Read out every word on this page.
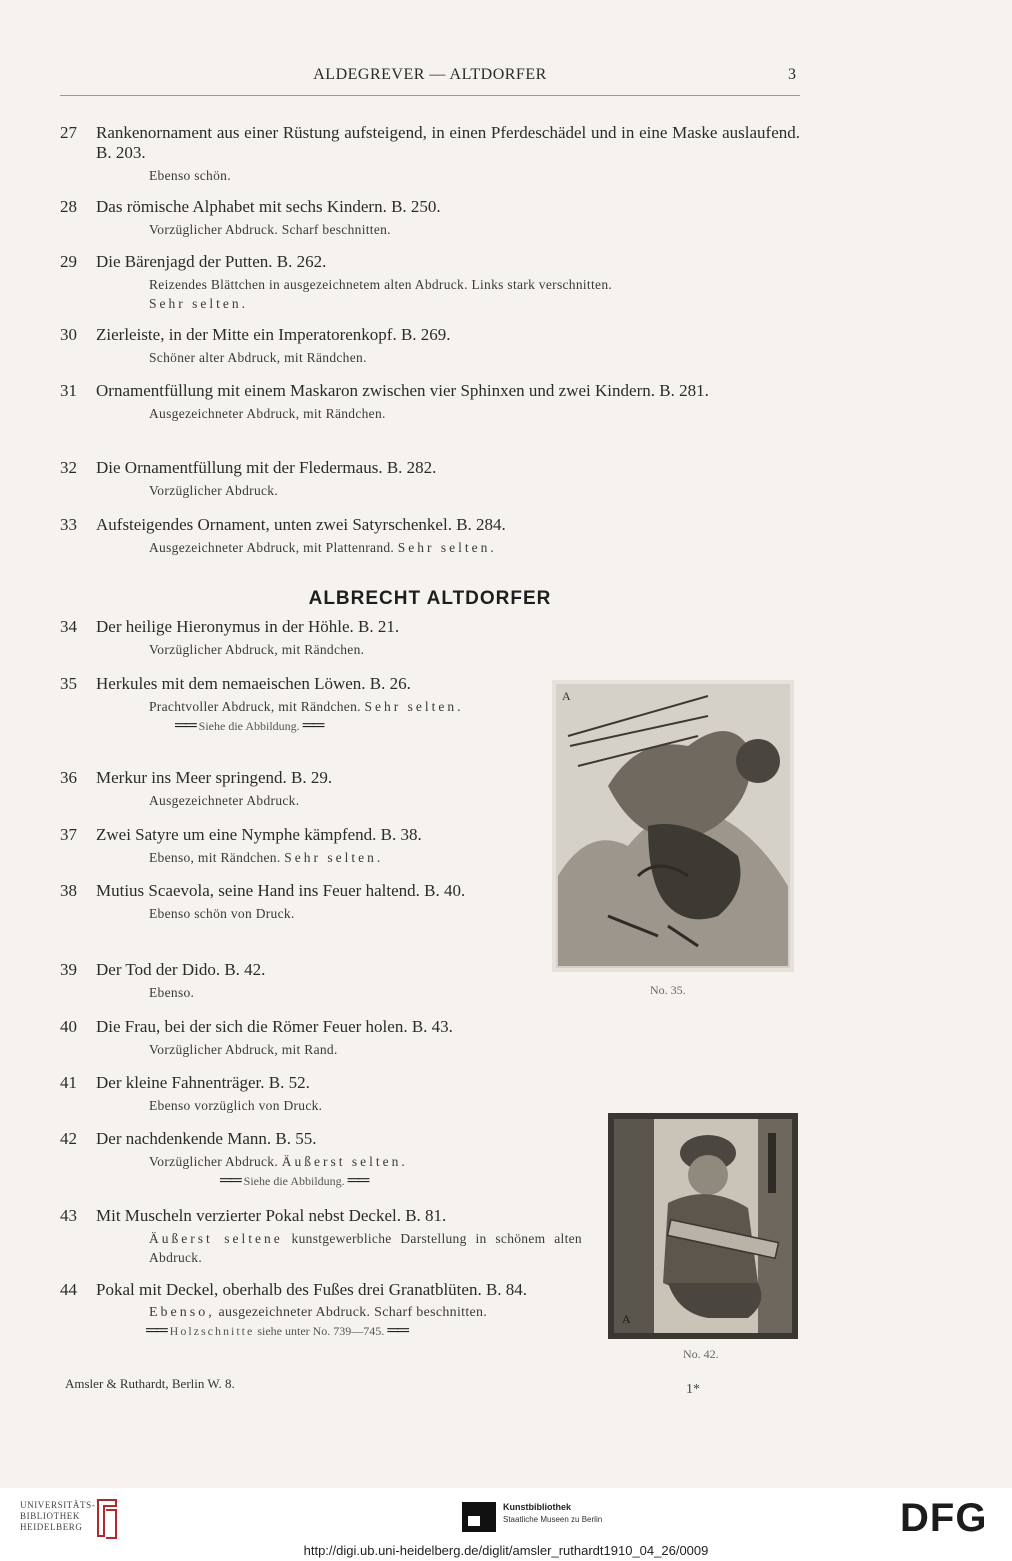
ALDEGREVER — ALTDORFER	3
27	Rankenornament aus einer Rüstung aufsteigend, in einen Pferdeschädel und in eine Maske auslaufend. B. 203.
Ebenso schön.
28	Das römische Alphabet mit sechs Kindern. B. 250.
Vorzüglicher Abdruck. Scharf beschnitten.
29	Die Bärenjagd der Putten. B. 262.
Reizendes Blättchen in ausgezeichnetem alten Abdruck. Links stark verschnitten.
Sehr selten.
30	Zierleiste, in der Mitte ein Imperatorenkopf. B. 269.
Schöner alter Abdruck, mit Rändchen.
31	Ornamentfüllung mit einem Maskaron zwischen vier Sphinxen und zwei Kindern. B. 281.
Ausgezeichneter Abdruck, mit Rändchen.
32	Die Ornamentfüllung mit der Fledermaus. B. 282.
Vorzüglicher Abdruck.
33	Aufsteigendes Ornament, unten zwei Satyrschenkel. B. 284.
Ausgezeichneter Abdruck, mit Plattenrand. Sehr selten.
ALBRECHT ALTDORFER
34	Der heilige Hieronymus in der Höhle. B. 21.
Vorzüglicher Abdruck, mit Rändchen.
35	Herkules mit dem nemaeischen Löwen. B. 26.
Prachtvoller Abdruck, mit Rändchen. Sehr selten.
══ Siehe die Abbildung. ══
36	Merkur ins Meer springend. B. 29.
Ausgezeichneter Abdruck.
37	Zwei Satyre um eine Nymphe kämpfend. B. 38.
Ebenso, mit Rändchen. Sehr selten.
38	Mutius Scaevola, seine Hand ins Feuer haltend. B. 40.
Ebenso schön von Druck.
39	Der Tod der Dido. B. 42.
Ebenso.
40	Die Frau, bei der sich die Römer Feuer holen. B. 43.
Vorzüglicher Abdruck, mit Rand.
41	Der kleine Fahnenträger. B. 52.
Ebenso vorzüglich von Druck.
42	Der nachdenkende Mann. B. 55.
Vorzüglicher Abdruck. Äußerst selten.
══ Siehe die Abbildung. ══
43	Mit Muscheln verzierter Pokal nebst Deckel. B. 81.
Äußerst seltene kunstgewerbliche Darstellung in schönem alten Abdruck.
44	Pokal mit Deckel, oberhalb des Fußes drei Granatblüten. B. 84.
Ebenso, ausgezeichneter Abdruck. Scharf beschnitten.
══ Holzschnitte siehe unter No. 739—745. ══
A
No. 35.
A
No. 42.
Amsler & Ruthardt, Berlin W. 8.	1*
UNIVERSITÄTS-
BIBLIOTHEK
HEIDELBERG
Kunstbibliothek
Staatliche Museen zu Berlin	DFG
http://digi.ub.uni-heidelberg.de/diglit/amsler_ruthardt1910_04_26/0009
